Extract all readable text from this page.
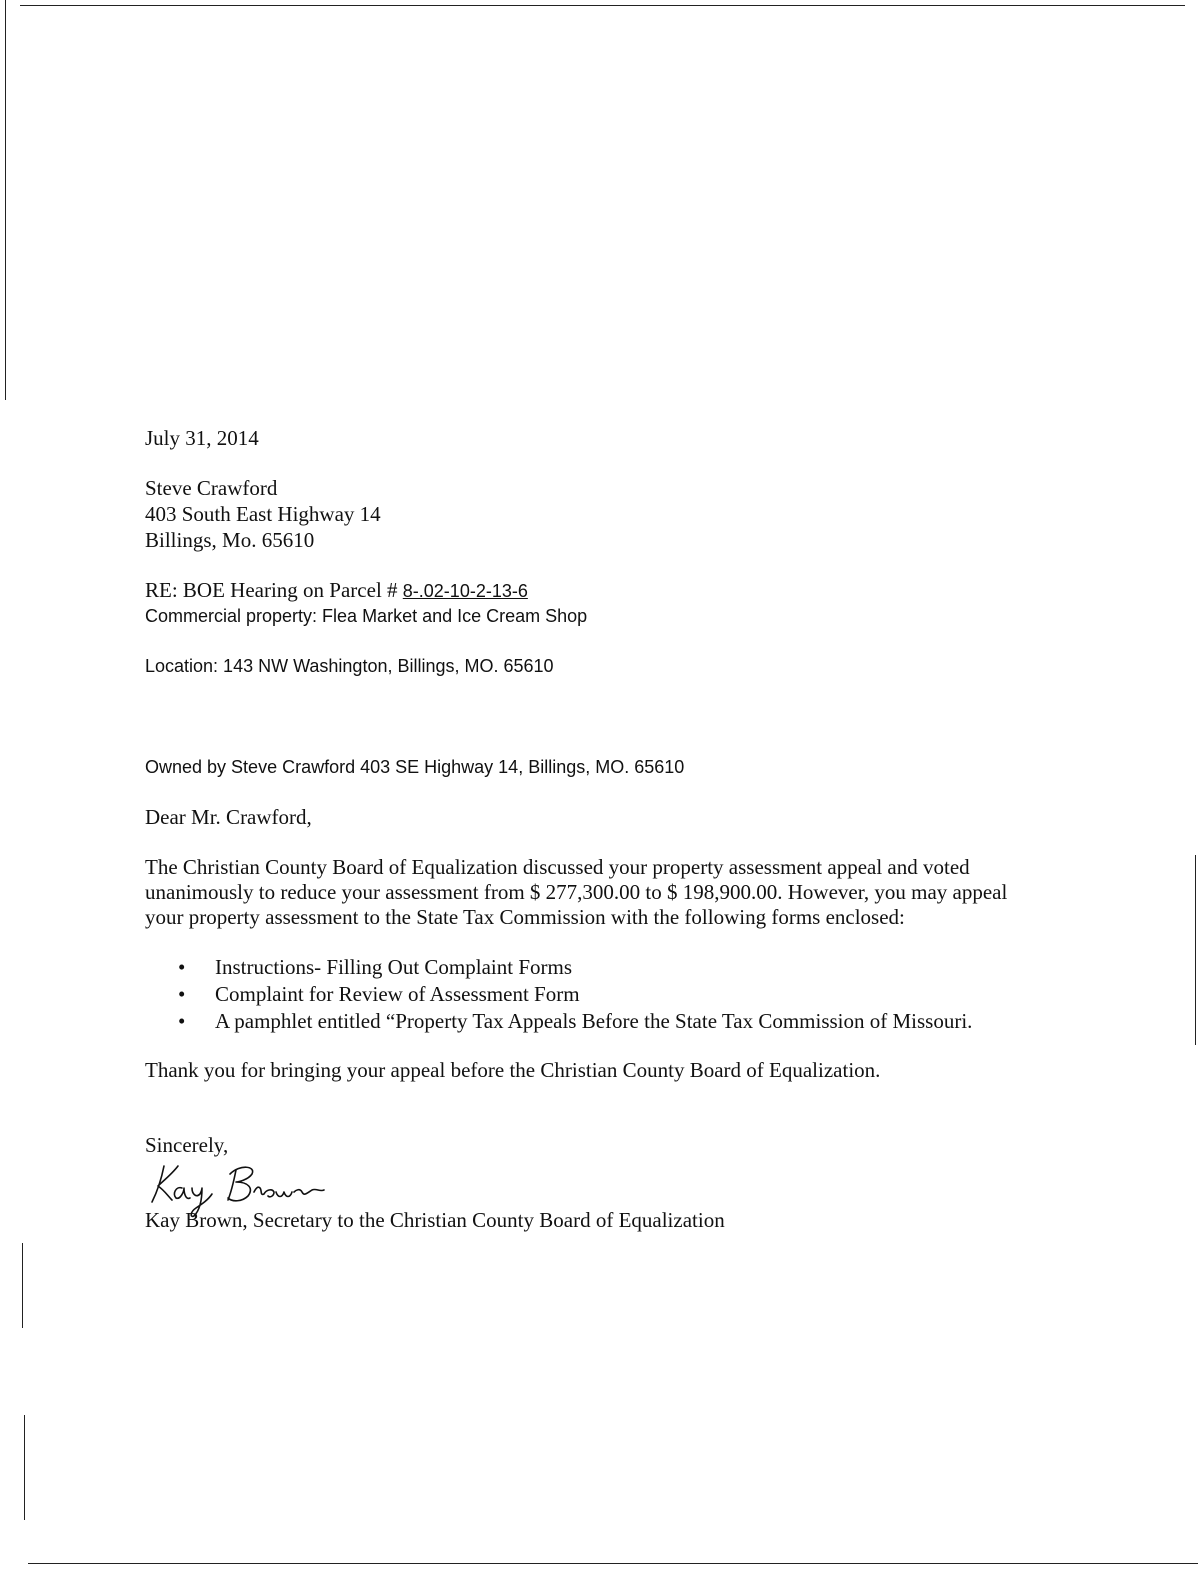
July 31, 2014
Steve Crawford
403 South East Highway 14
Billings, Mo. 65610
RE: BOE Hearing on Parcel # 8-.02-10-2-13-6
Commercial property: Flea Market and Ice Cream Shop
Location: 143 NW Washington, Billings, MO. 65610
Owned by Steve Crawford 403 SE Highway 14, Billings, MO. 65610
Dear Mr. Crawford,
The Christian County Board of Equalization discussed your property assessment appeal and voted
unanimously to reduce your assessment from $ 277,300.00 to $ 198,900.00. However, you may appeal
your property assessment to the State Tax Commission with the following forms enclosed:
• Instructions- Filling Out Complaint Forms
• Complaint for Review of Assessment Form
• A pamphlet entitled “Property Tax Appeals Before the State Tax Commission of Missouri.
Thank you for bringing your appeal before the Christian County Board of Equalization.
Sincerely,
Kay Brown, Secretary to the Christian County Board of Equalization
